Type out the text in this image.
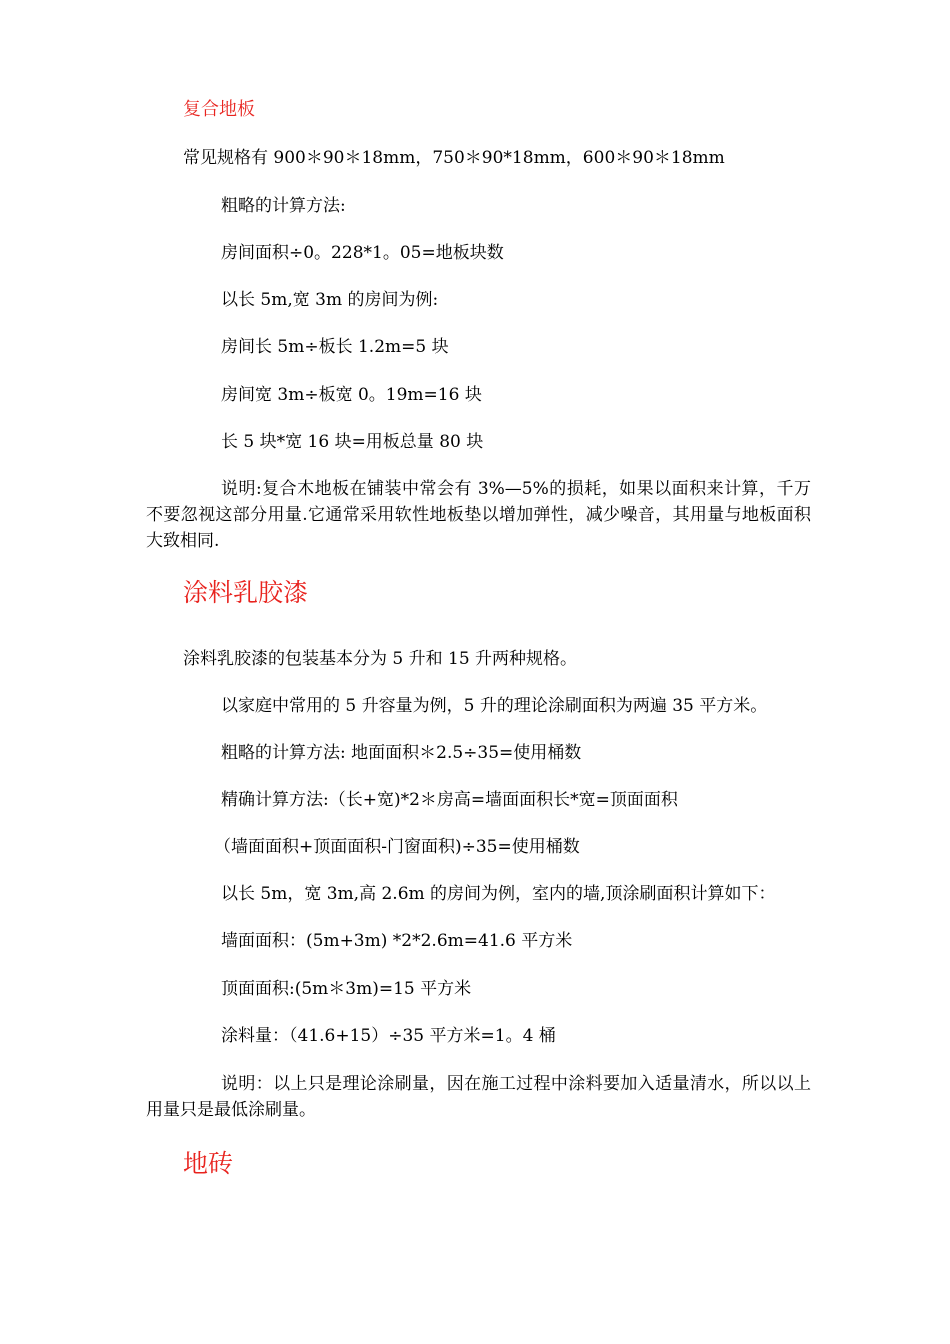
复合地板
常见规格有 900＊90＊18mm，750＊90*18mm，600＊90＊18mm
粗略的计算方法:
房间面积÷0。228*1。05=地板块数
以长 5m,宽 3m 的房间为例:
房间长 5m÷板长 1.2m=5 块
房间宽 3m÷板宽 0。19m=16 块
长 5 块*宽 16 块=用板总量 80 块
说明:复合木地板在铺装中常会有 3%—5%的损耗，如果以面积来计算，千万不要忽视这部分用量.它通常采用软性地板垫以增加弹性，减少噪音，其用量与地板面积大致相同.
涂料乳胶漆
涂料乳胶漆的包装基本分为 5 升和 15 升两种规格。
以家庭中常用的 5 升容量为例，5 升的理论涂刷面积为两遍 35 平方米。
粗略的计算方法: 地面面积＊2.5÷35=使用桶数
精确计算方法:（长+宽)*2＊房高=墙面面积长*宽=顶面面积
（墙面面积+顶面面积-门窗面积)÷35=使用桶数
以长 5m，宽 3m,高 2.6m 的房间为例，室内的墙,顶涂刷面积计算如下：
墙面面积：(5m+3m) *2*2.6m=41.6 平方米
顶面面积:(5m＊3m)=15 平方米
涂料量：（41.6+15）÷35 平方米=1。4 桶
说明：以上只是理论涂刷量，因在施工过程中涂料要加入适量清水，所以以上用量只是最低涂刷量。
地砖
